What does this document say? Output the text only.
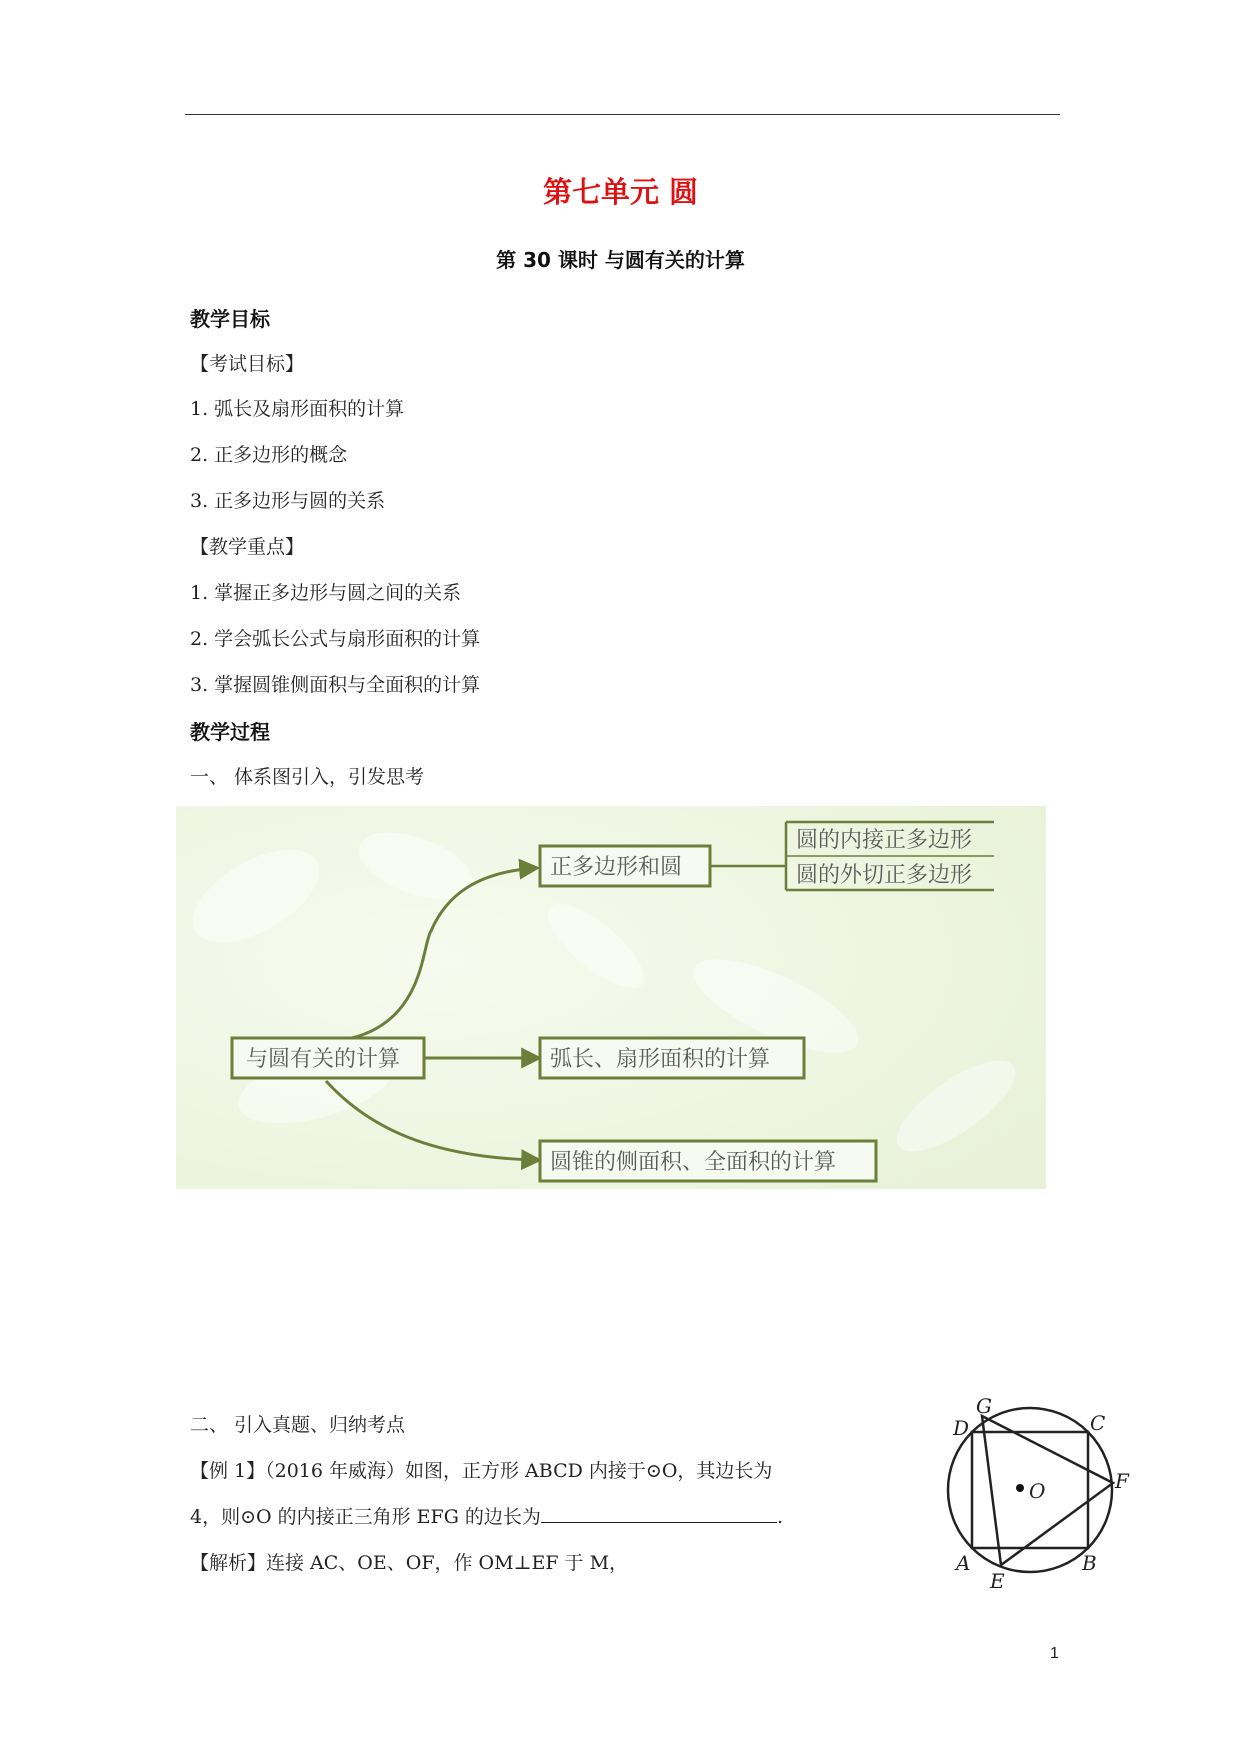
第七单元 圆
第 30 课时 与圆有关的计算
教学目标
【考试目标】
1. 弧长及扇形面积的计算
2. 正多边形的概念
3. 正多边形与圆的关系
【教学重点】
1. 掌握正多边形与圆之间的关系
2. 学会弧长公式与扇形面积的计算
3. 掌握圆锥侧面积与全面积的计算
教学过程
一、 体系图引入，引发思考
与圆有关的计算
正多边形和圆
弧长、扇形面积的计算
圆锥的侧面积、全面积的计算
圆的内接正多边形
圆的外切正多边形
二、 引入真题、归纳考点
【例 1】（2016 年威海）如图，正方形 ABCD 内接于⊙O，其边长为
4，则⊙O 的内接正三角形 EFG 的边长为	.
【解析】连接 AC、OE、OF，作 OM⊥EF 于 M，
D
G
C
F
O
A	B
E
1
